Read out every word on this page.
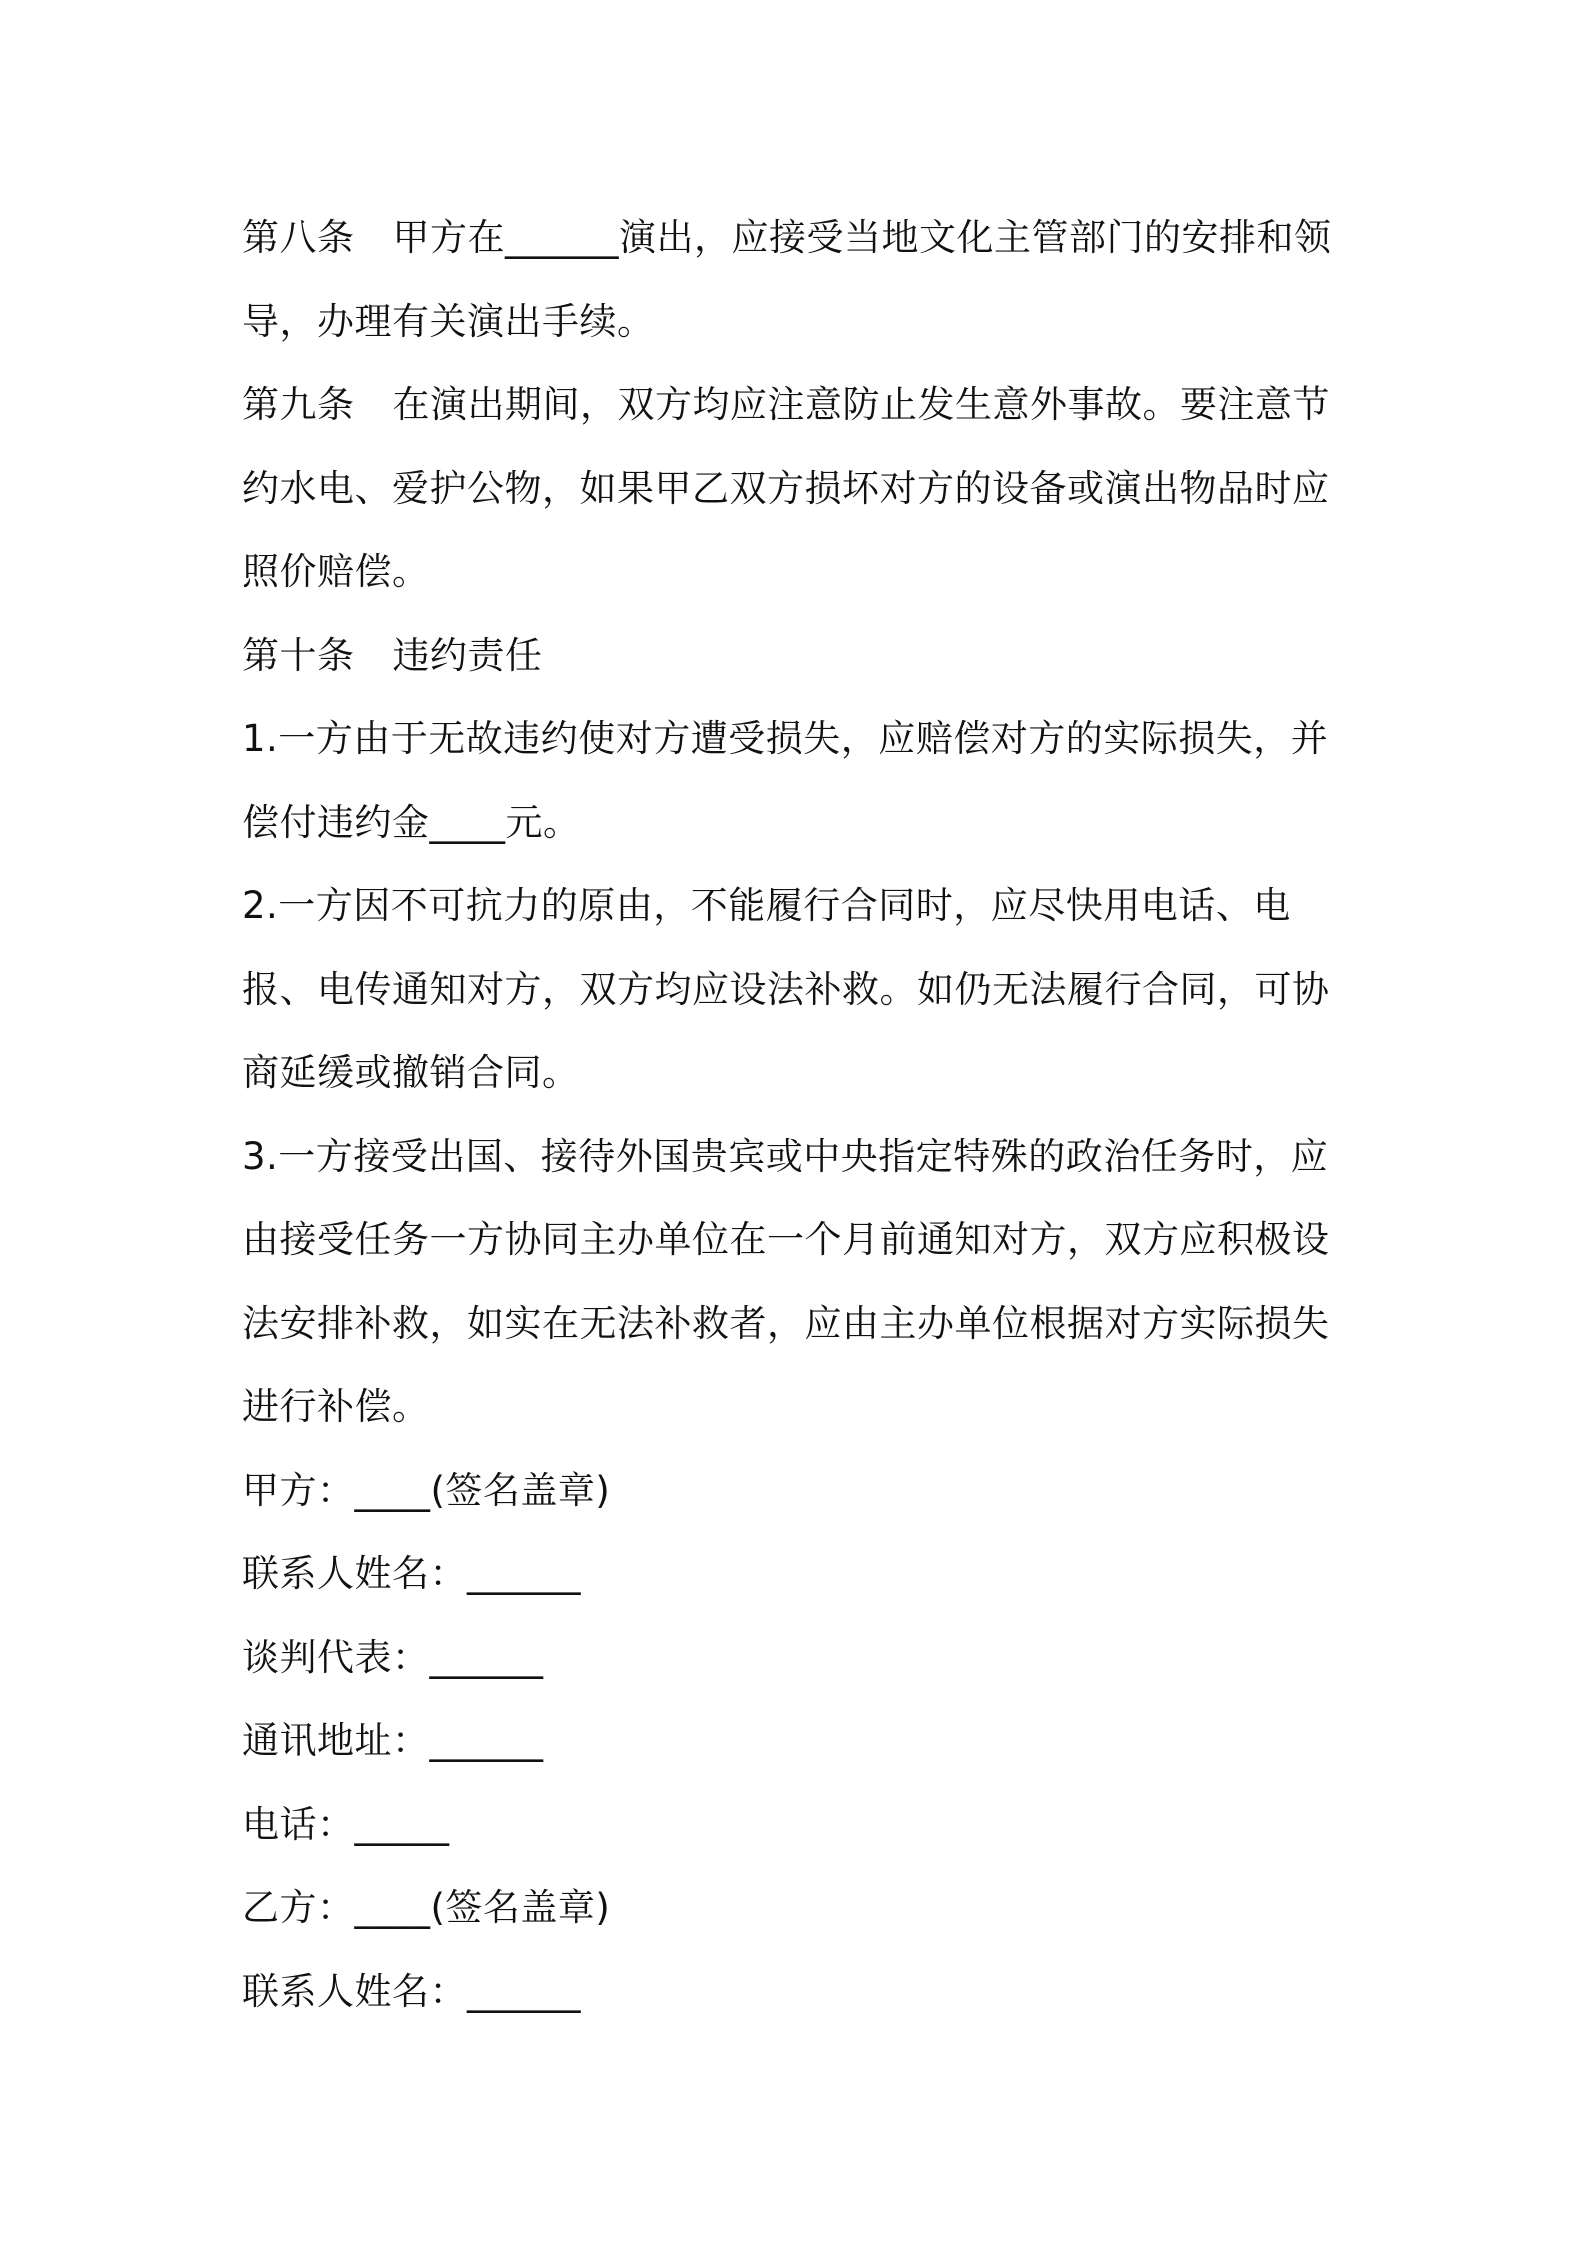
第八条 甲方在______演出，应接受当地文化主管部门的安排和领导，办理有关演出手续。

第九条 在演出期间，双方均应注意防止发生意外事故。要注意节约水电、爱护公物，如果甲乙双方损坏对方的设备或演出物品时应照价赔偿。

第十条 违约责任

1.一方由于无故违约使对方遭受损失，应赔偿对方的实际损失，并偿付违约金____元。

2.一方因不可抗力的原由，不能履行合同时，应尽快用电话、电报、电传通知对方，双方均应设法补救。如仍无法履行合同，可协商延缓或撤销合同。

3.一方接受出国、接待外国贵宾或中央指定特殊的政治任务时，应由接受任务一方协同主办单位在一个月前通知对方，双方应积极设法安排补救，如实在无法补救者，应由主办单位根据对方实际损失进行补偿。

甲方：____(签名盖章)

联系人姓名：______

谈判代表：______

通讯地址：______

电话：_____

乙方：____(签名盖章)

联系人姓名：______
